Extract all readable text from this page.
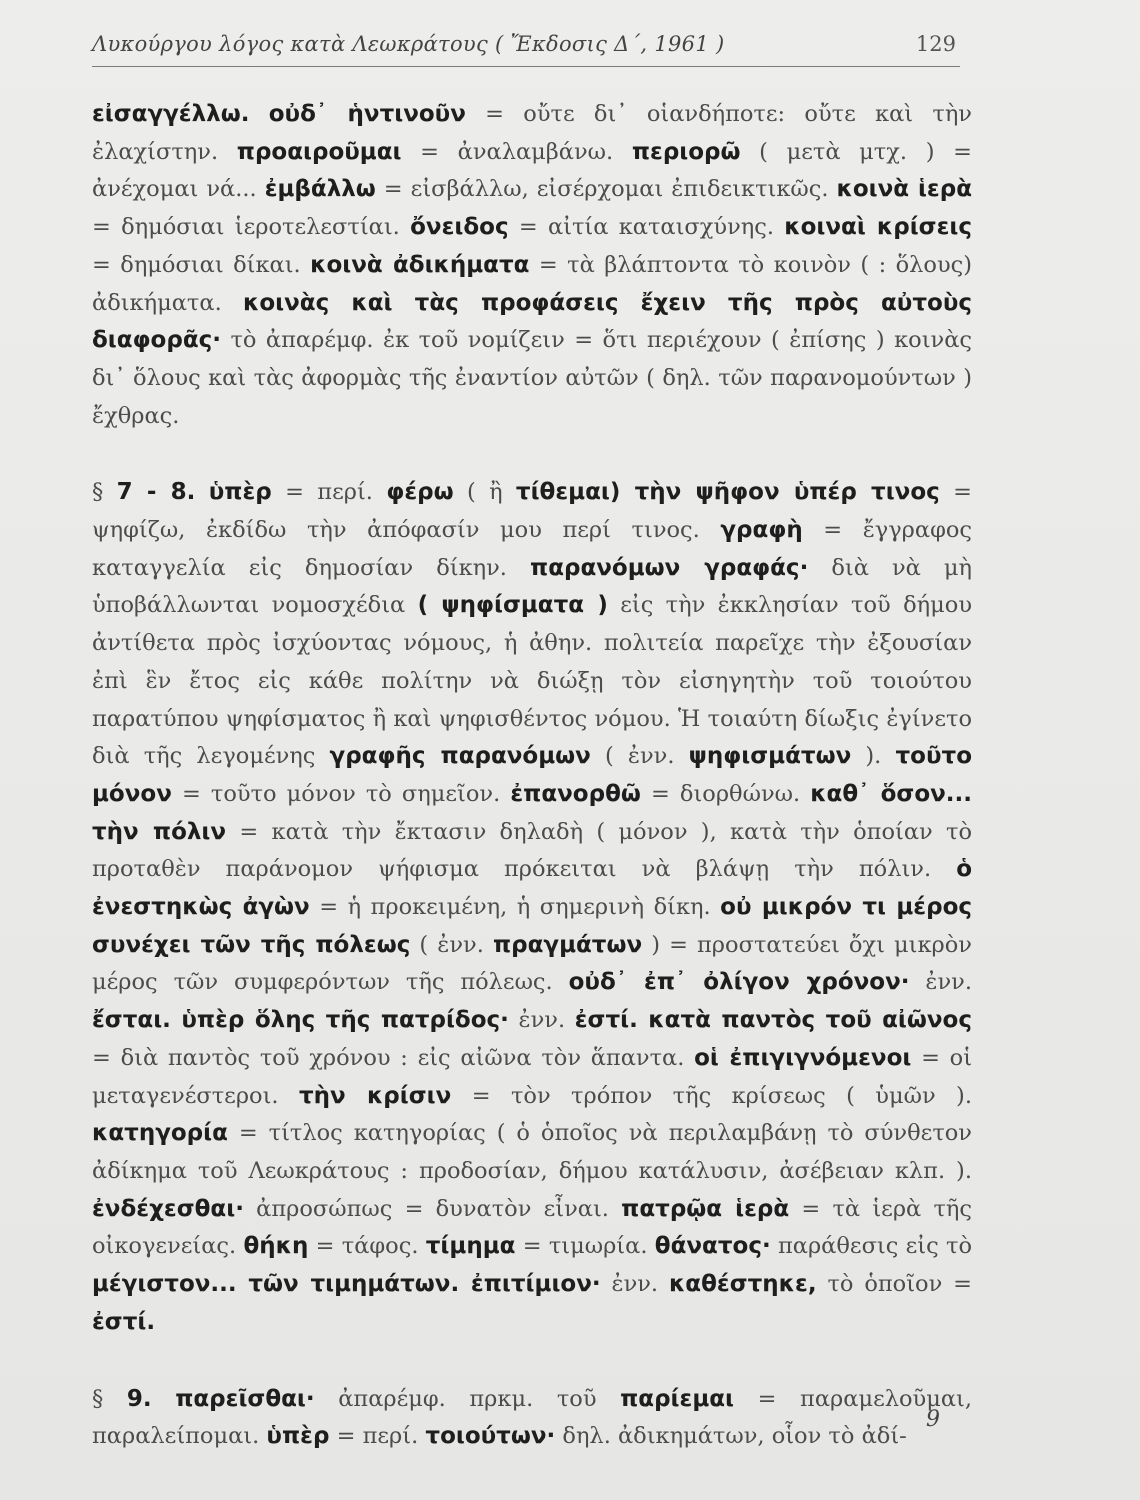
Λυκούργου λόγος κατὰ Λεωκράτους ( Ἔκδοσις Δ΄, 1961 )	129

εἰσαγγέλλω. οὐδ᾽ ἡντινοῦν = οὔτε δι᾽ οἱανδήποτε: οὔτε καὶ τὴν ἐλαχίστην. προαιροῦμαι = ἀναλαμβάνω. περιορῶ ( μετὰ μτχ. ) = ἀνέχομαι νά... ἐμβάλλω = εἰσβάλλω, εἰσέρχομαι ἐπιδεικτικῶς. κοινὰ ἱερὰ = δημόσιαι ἱεροτελεστίαι. ὄνειδος = αἰτία καταισχύνης. κοιναὶ κρίσεις = δημόσιαι δίκαι. κοινὰ ἀδικήματα = τὰ βλάπτοντα τὸ κοινὸν ( : ὅλους) ἀδικήματα. κοινὰς καὶ τὰς προφάσεις ἔχειν τῆς πρὸς αὐτοὺς διαφορᾶς· τὸ ἀπαρέμφ. ἐκ τοῦ νομίζειν = ὅτι περιέχουν ( ἐπίσης ) κοινὰς δι᾽ ὅλους καὶ τὰς ἀφορμὰς τῆς ἐναντίον αὐτῶν ( δηλ. τῶν παρανομούντων ) ἔχθρας.

§ 7 - 8. ὑπὲρ = περί. φέρω ( ἢ τίθεμαι) τὴν ψῆφον ὑπέρ τινος = ψηφίζω, ἐκδίδω τὴν ἀπόφασίν μου περί τινος. γραφὴ = ἔγγραφος καταγγελία εἰς δημοσίαν δίκην. παρανόμων γραφάς· διὰ νὰ μὴ ὑποβάλλωνται νομοσχέδια ( ψηφίσματα ) εἰς τὴν ἐκκλησίαν τοῦ δήμου ἀντίθετα πρὸς ἰσχύοντας νόμους, ἡ ἀθην. πολιτεία παρεῖχε τὴν ἐξουσίαν ἐπὶ ἓν ἔτος εἰς κάθε πολίτην νὰ διώξῃ τὸν εἰσηγητὴν τοῦ τοιούτου παρατύπου ψηφίσματος ἢ καὶ ψηφισθέντος νόμου. Ἡ τοιαύτη δίωξις ἐγίνετο διὰ τῆς λεγομένης γραφῆς παρανόμων ( ἐνν. ψηφισμάτων ). τοῦτο μόνον = τοῦτο μόνον τὸ σημεῖον. ἐπανορθῶ = διορθώνω. καθ᾽ ὅσον... τὴν πόλιν = κατὰ τὴν ἔκτασιν δηλαδὴ ( μόνον ), κατὰ τὴν ὁποίαν τὸ προταθὲν παράνομον ψήφισμα πρόκειται νὰ βλάψῃ τὴν πόλιν. ὁ ἐνεστηκὼς ἀγὼν = ἡ προκειμένη, ἡ σημερινὴ δίκη. οὐ μικρόν τι μέρος συνέχει τῶν τῆς πόλεως ( ἐνν. πραγμάτων ) = προστατεύει ὄχι μικρὸν μέρος τῶν συμφερόντων τῆς πόλεως. οὐδ᾽ ἐπ᾽ ὀλίγον χρόνον· ἐνν. ἔσται. ὑπὲρ ὅλης τῆς πατρίδος· ἐνν. ἐστί. κατὰ παντὸς τοῦ αἰῶνος = διὰ παντὸς τοῦ χρόνου : εἰς αἰῶνα τὸν ἅπαντα. οἱ ἐπιγιγνόμενοι = οἱ μεταγενέστεροι. τὴν κρίσιν = τὸν τρόπον τῆς κρίσεως ( ὑμῶν ). κατηγορία = τίτλος κατηγορίας ( ὁ ὁποῖος νὰ περιλαμβάνῃ τὸ σύνθετον ἀδίκημα τοῦ Λεωκράτους : προδοσίαν, δήμου κατάλυσιν, ἀσέβειαν κλπ. ). ἐνδέχεσθαι· ἀπροσώπως = δυνατὸν εἶναι. πατρῷα ἱερὰ = τὰ ἱερὰ τῆς οἰκογενείας. θήκη = τάφος. τίμημα = τιμωρία. θάνατος· παράθεσις εἰς τὸ μέγιστον... τῶν τιμημάτων. ἐπιτίμιον· ἐνν. καθέστηκε, τὸ ὁποῖον = ἐστί.

§ 9. παρεῖσθαι· ἀπαρέμφ. πρκμ. τοῦ παρίεμαι = παραμελοῦμαι, παραλείπομαι. ὑπὲρ = περί. τοιούτων· δηλ. ἀδικημάτων, οἷον τὸ ἀδί-

9
